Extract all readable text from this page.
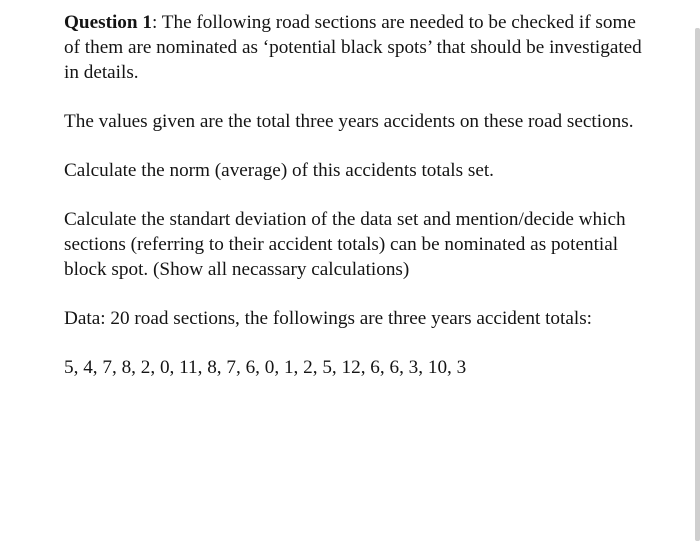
Question 1: The following road sections are needed to be checked if some of them are nominated as ‘potential black spots’ that should be investigated in details.

The values given are the total three years accidents on these road sections.

Calculate the norm (average) of this accidents totals set.

Calculate the standart deviation of the data set and mention/decide which sections (referring to their accident totals) can be nominated as potential block spot. (Show all necassary calculations)

Data: 20 road sections, the followings are three years accident totals:

5, 4, 7, 8, 2, 0, 11, 8, 7, 6, 0, 1, 2, 5, 12, 6, 6, 3, 10, 3
